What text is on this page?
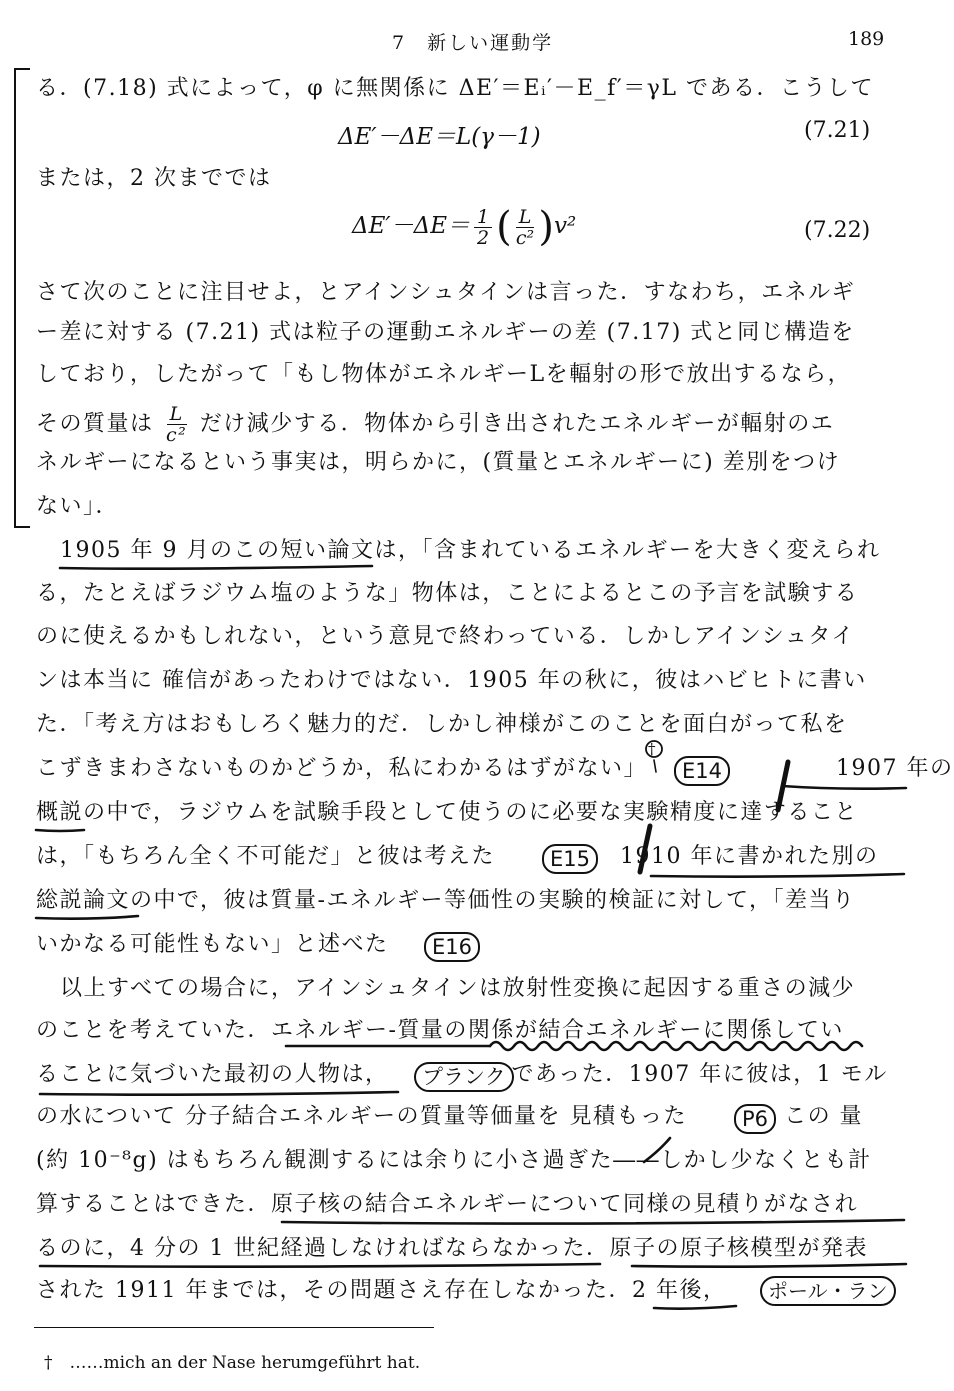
7　新しい運動学	189
る．(7.18) 式によって，φ に無関係に ΔE′＝Eᵢ′－E_f′＝γL である．こうして
ΔE′－ΔE＝L(γ－1)	(7.21)
または，2 次まででは
$\Delta E'-\Delta E= \frac{1}{2}$ ( $\frac{L}{\text{c²}} )v^2$	(7.22)
さて次のことに注目せよ，とアインシュタインは言った．すなわち，エネルギ
ー差に対する (7.21) 式は粒子の運動エネルギーの差 (7.17) 式と同じ構造を
しており，したがって「もし物体がエネルギーLを輻射の形で放出するなら，
その質量は $\frac{L}{\text{c²}}$ だけ減少する．物体から引き出されたエネルギーが輻射のエ
ネルギーになるという事実は，明らかに，(質量とエネルギーに) 差別をつけ
ない」．
1905 年 9 月のこの短い論文は，「含まれているエネルギーを大きく変えられ
る，たとえばラジウム塩のような」物体は，ことによるとこの予言を試験する
のに使えるかもしれない，という意見で終わっている．しかしアインシュタイ
ンは本当に 確信があったわけではない．1905 年の秋に，彼はハビヒトに書い
た．「考え方はおもしろく魅力的だ．しかし神様がこのことを面白がって私を
こずきまわさないものかどうか，私にわかるはずがない」	1907 年の
概説の中で，ラジウムを試験手段として使うのに必要な実験精度に達すること
は，「もちろん全く不可能だ」と彼は考えた	1910 年に書かれた別の
総説論文の中で，彼は質量-エネルギー等価性の実験的検証に対して，「差当り
いかなる可能性もない」と述べた
以上すべての場合に，アインシュタインは放射性変換に起因する重さの減少
のことを考えていた．エネルギー-質量の関係が結合エネルギーに関係してい
ることに気づいた最初の人物は，	であった．1907 年に彼は，1 モル
の水について 分子結合エネルギーの質量等価量を 見積もった	この 量
(約 10⁻⁸g) はもちろん観測するには余りに小さ過ぎた――しかし少なくとも計
算することはできた．原子核の結合エネルギーについて同様の見積りがなされ
るのに，4 分の 1 世紀経過しなければならなかった．原子の原子核模型が発表
された 1911 年までは，その問題さえ存在しなかった．2 年後，
E14
E15
E16
P6
プランク
ポール・ラン
†
†　……mich an der Nase herumgeführt hat.
